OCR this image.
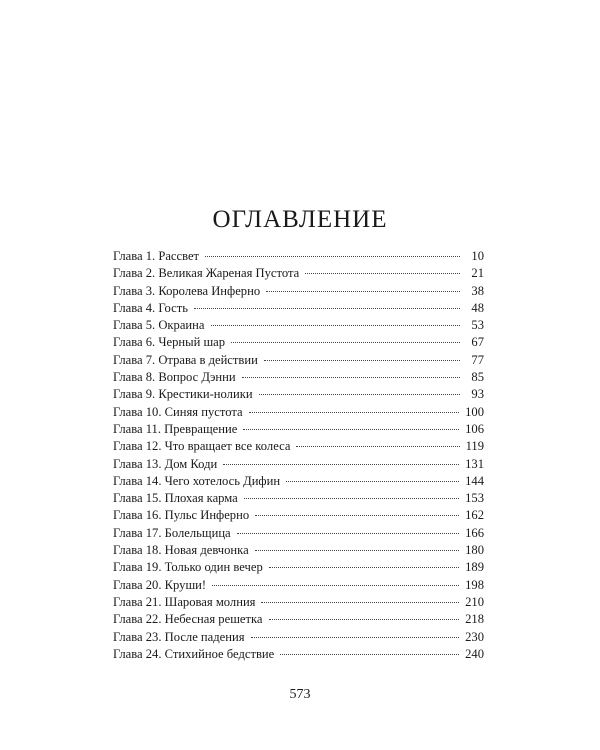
ОГЛАВЛЕНИЕ
Глава 1. Рассвет	10
Глава 2. Великая Жареная Пустота	21
Глава 3. Королева Инферно	38
Глава 4. Гость	48
Глава 5. Окраина	53
Глава 6. Черный шар	67
Глава 7. Отрава в действии	77
Глава 8. Вопрос Дэнни	85
Глава 9. Крестики-нолики	93
Глава 10. Синяя пустота	100
Глава 11. Превращение	106
Глава 12. Что вращает все колеса	119
Глава 13. Дом Коди	131
Глава 14. Чего хотелось Дифин	144
Глава 15. Плохая карма	153
Глава 16. Пульс Инферно	162
Глава 17. Болельщица	166
Глава 18. Новая девчонка	180
Глава 19. Только один вечер	189
Глава 20. Круши!	198
Глава 21. Шаровая молния	210
Глава 22. Небесная решетка	218
Глава 23. После падения	230
Глава 24. Стихийное бедствие	240
573
